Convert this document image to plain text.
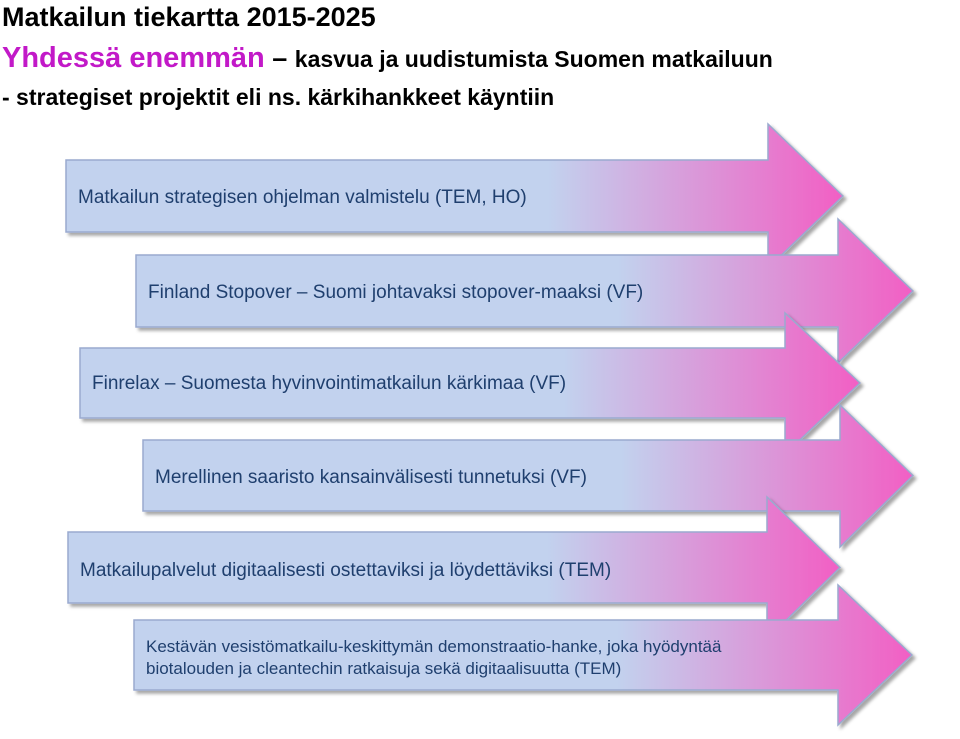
Matkailun tiekartta 2015-2025
Yhdessä enemmän – kasvua ja uudistumista Suomen matkailuun
- strategiset projektit eli ns. kärkihankkeet käyntiin
Matkailun strategisen ohjelman valmistelu (TEM, HO)
Finland Stopover – Suomi johtavaksi stopover-maaksi (VF)
Finrelax – Suomesta hyvinvointimatkailun kärkimaa (VF)
Merellinen saaristo kansainvälisesti tunnetuksi (VF)
Matkailupalvelut digitaalisesti ostettaviksi ja löydettäviksi (TEM)
Kestävän vesistömatkailu-keskittymän demonstraatio-hanke, joka hyödyntää
biotalouden ja cleantechin ratkaisuja sekä digitaalisuutta (TEM)
